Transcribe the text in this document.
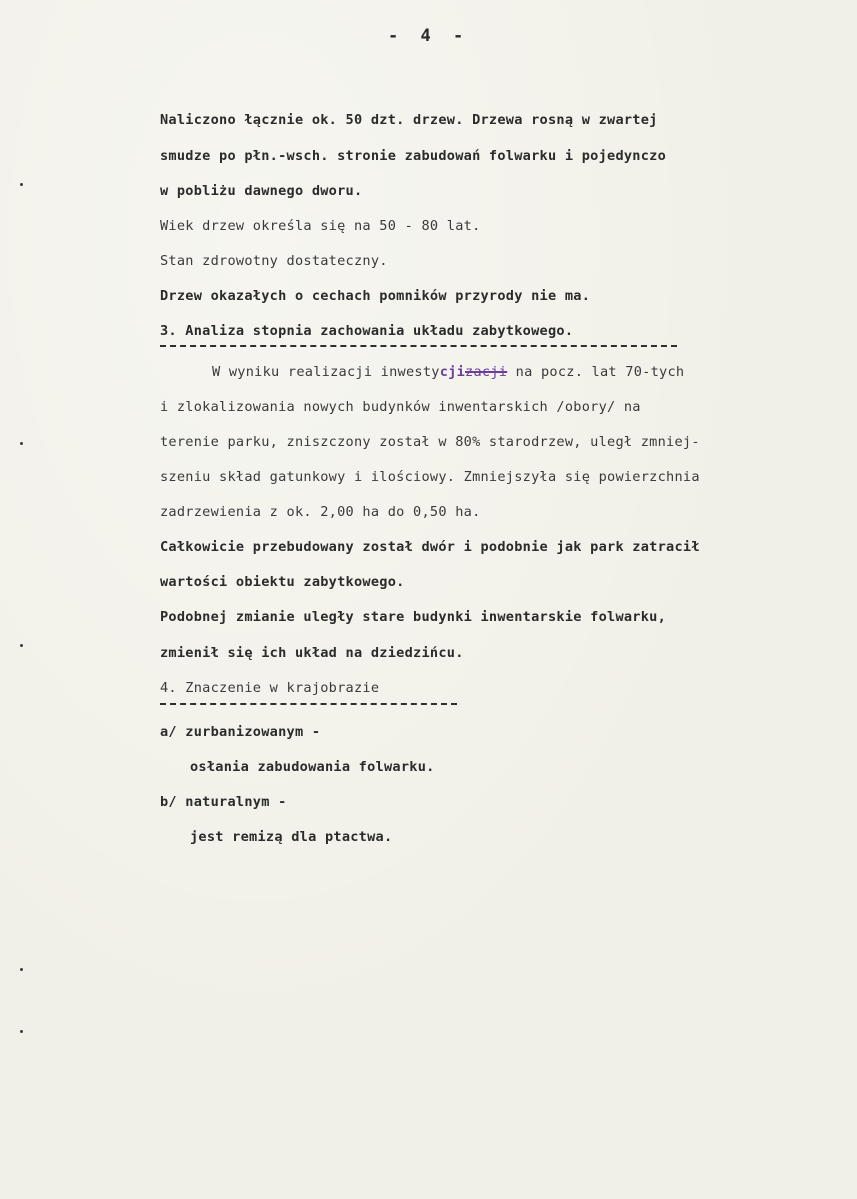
- 4 -
Naliczono łącznie ok. 50 dzt. drzew. Drzewa rosną w zwartej
smudze po płn.-wsch. stronie zabudowań folwarku i pojedynczo
w pobliżu dawnego dworu.
Wiek drzew określa się na 50 - 80 lat.
Stan zdrowotny dostateczny.
Drzew okazałych o cechach pomników przyrody nie ma.
3. Analiza stopnia zachowania układu zabytkowego.
W wyniku realizacji inwestycjizacji na pocz. lat 70-tych
i zlokalizowania nowych budynków inwentarskich /obory/ na
terenie parku, zniszczony został w 80% starodrzew, uległ zmniej-
szeniu skład gatunkowy i ilościowy. Zmniejszyła się powierzchnia
zadrzewienia z ok. 2,00 ha do 0,50 ha.
Całkowicie przebudowany został dwór i podobnie jak park zatracił
wartości obiektu zabytkowego.
Podobnej zmianie uległy stare budynki inwentarskie folwarku,
zmienił się ich układ na dziedzińcu.
4. Znaczenie w krajobrazie
a/ zurbanizowanym -
osłania zabudowania folwarku.
b/ naturalnym -
jest remizą dla ptactwa.
